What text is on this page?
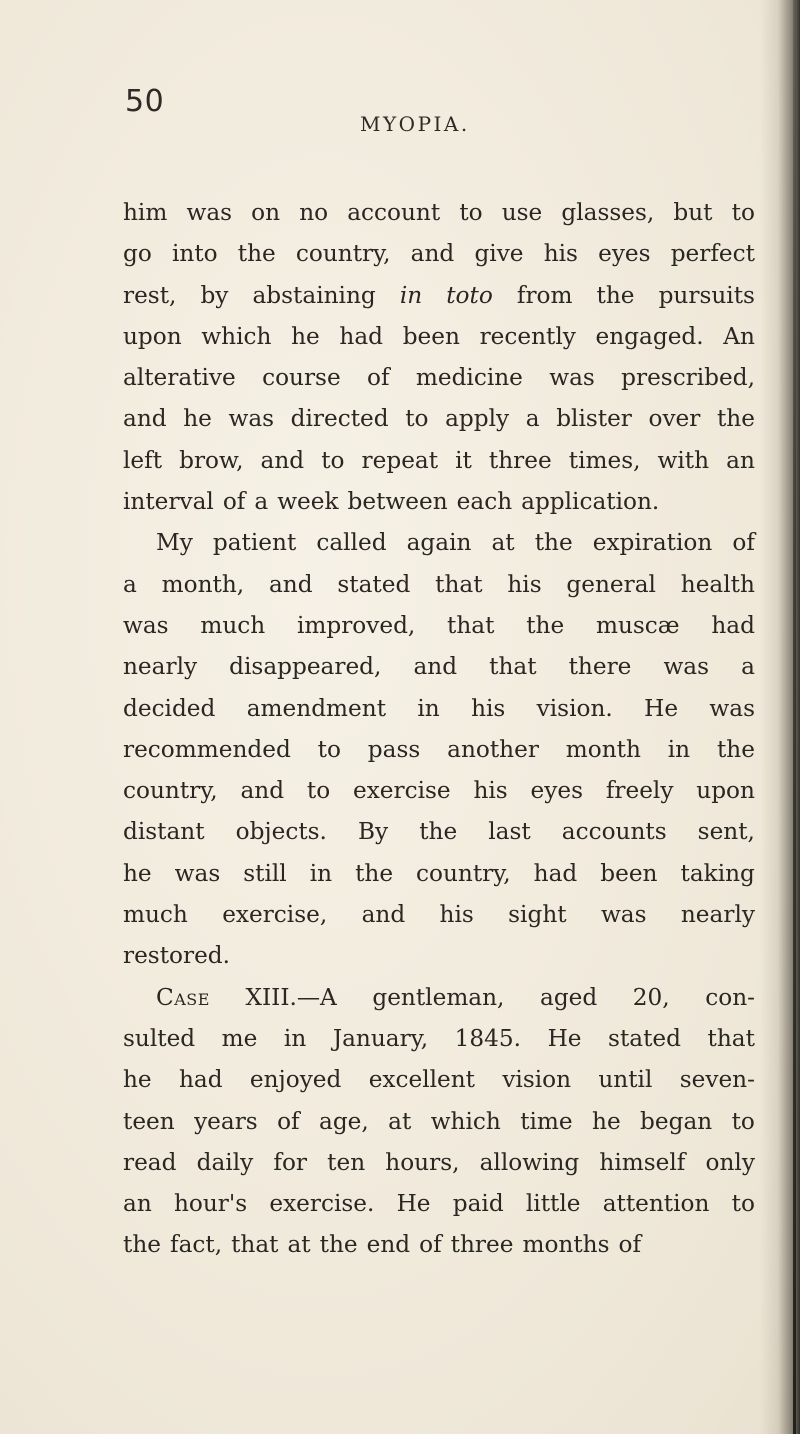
50
MYOPIA.
him was on no account to use glasses, but to
go into the country, and give his eyes perfect
rest, by abstaining in toto from the pursuits
upon which he had been recently engaged. An
alterative course of medicine was prescribed,
and he was directed to apply a blister over the
left brow, and to repeat it three times, with an
interval of a week between each application.
My patient called again at the expiration of
a month, and stated that his general health
was much improved, that the muscæ had
nearly disappeared, and that there was a
decided amendment in his vision. He was
recommended to pass another month in the
country, and to exercise his eyes freely upon
distant objects. By the last accounts sent,
he was still in the country, had been taking
much exercise, and his sight was nearly
restored.
Case XIII.—A gentleman, aged 20, con-
sulted me in January, 1845. He stated that
he had enjoyed excellent vision until seven-
teen years of age, at which time he began to
read daily for ten hours, allowing himself only
an hour's exercise. He paid little attention to
the fact, that at the end of three months of
